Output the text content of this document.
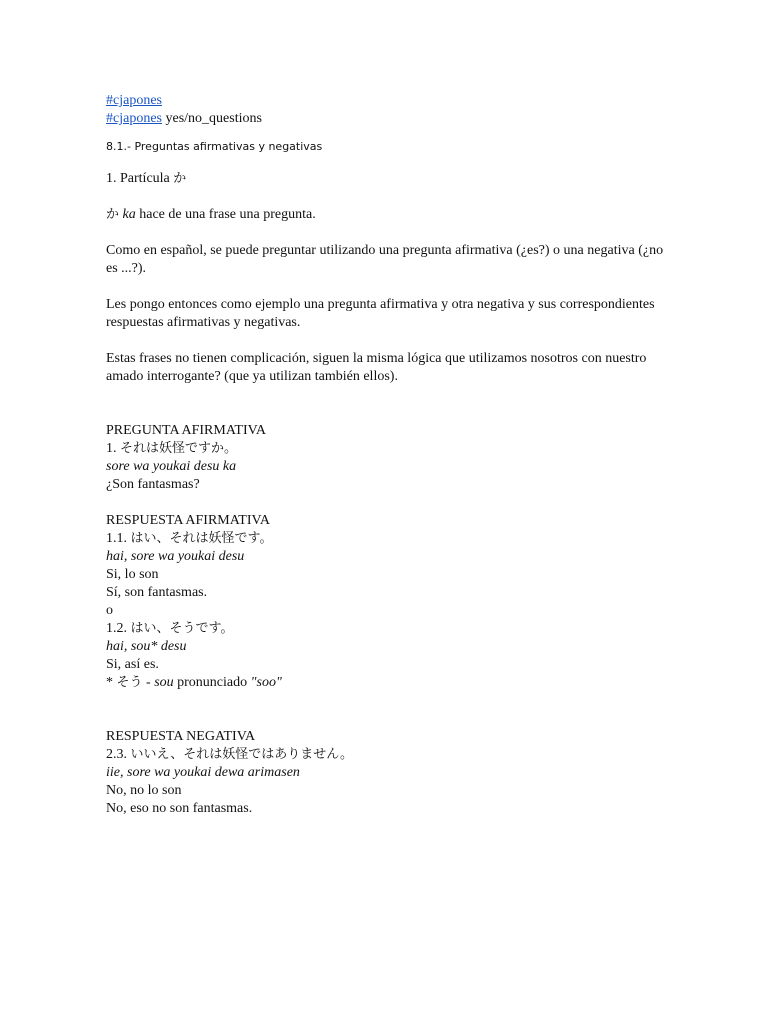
#cjapones
#cjapones yes/no_questions
8.1.- Preguntas afirmativas y negativas
1. Partícula か
か ka hace de una frase una pregunta.
Como en español, se puede preguntar utilizando una pregunta afirmativa (¿es?) o una negativa (¿no es ...?).
Les pongo entonces como ejemplo una pregunta afirmativa y otra negativa y sus correspondientes respuestas afirmativas y negativas.
Estas frases no tienen complicación, siguen la misma lógica que utilizamos nosotros con nuestro amado interrogante? (que ya utilizan también ellos).
PREGUNTA AFIRMATIVA
1. それは妖怪ですか。
sore wa youkai desu ka
¿Son fantasmas?
RESPUESTA AFIRMATIVA
1.1. はい、それは妖怪です。
hai, sore wa youkai desu
Si, lo son
Sí, son fantasmas.
o
1.2. はい、そうです。
hai, sou* desu
Si, así es.
* そう - sou pronunciado "soo"
RESPUESTA NEGATIVA
2.3. いいえ、それは妖怪ではありません。
iie, sore wa youkai dewa arimasen
No, no lo son
No, eso no son fantasmas.
